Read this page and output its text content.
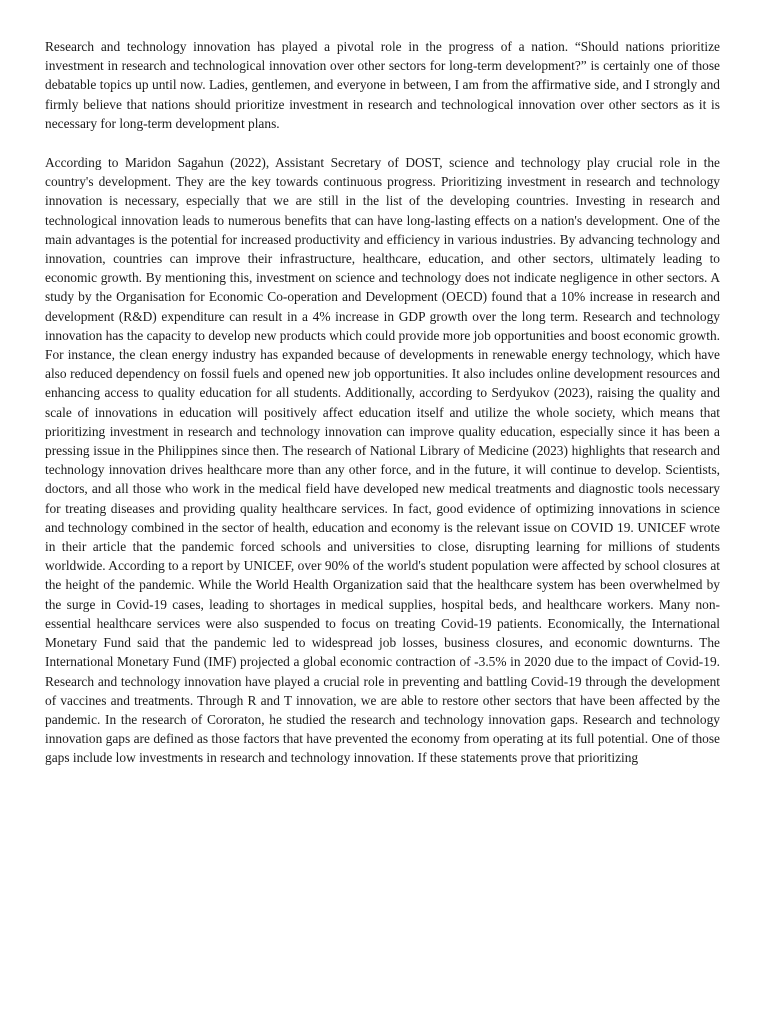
Research and technology innovation has played a pivotal role in the progress of a nation. “Should nations prioritize investment in research and technological innovation over other sectors for long-term development?” is certainly one of those debatable topics up until now. Ladies, gentlemen, and everyone in between, I am from the affirmative side, and I strongly and firmly believe that nations should prioritize investment in research and technological innovation over other sectors as it is necessary for long-term development plans.

According to Maridon Sagahun (2022), Assistant Secretary of DOST, science and technology play crucial role in the country's development. They are the key towards continuous progress. Prioritizing investment in research and technology innovation is necessary, especially that we are still in the list of the developing countries. Investing in research and technological innovation leads to numerous benefits that can have long-lasting effects on a nation's development. One of the main advantages is the potential for increased productivity and efficiency in various industries. By advancing technology and innovation, countries can improve their infrastructure, healthcare, education, and other sectors, ultimately leading to economic growth. By mentioning this, investment on science and technology does not indicate negligence in other sectors. A study by the Organisation for Economic Co-operation and Development (OECD) found that a 10% increase in research and development (R&D) expenditure can result in a 4% increase in GDP growth over the long term. Research and technology innovation has the capacity to develop new products which could provide more job opportunities and boost economic growth. For instance, the clean energy industry has expanded because of developments in renewable energy technology, which have also reduced dependency on fossil fuels and opened new job opportunities. It also includes online development resources and enhancing access to quality education for all students. Additionally, according to Serdyukov (2023), raising the quality and scale of innovations in education will positively affect education itself and utilize the whole society, which means that prioritizing investment in research and technology innovation can improve quality education, especially since it has been a pressing issue in the Philippines since then. The research of National Library of Medicine (2023) highlights that research and technology innovation drives healthcare more than any other force, and in the future, it will continue to develop. Scientists, doctors, and all those who work in the medical field have developed new medical treatments and diagnostic tools necessary for treating diseases and providing quality healthcare services. In fact, good evidence of optimizing innovations in science and technology combined in the sector of health, education and economy is the relevant issue on COVID 19. UNICEF wrote in their article that the pandemic forced schools and universities to close, disrupting learning for millions of students worldwide. According to a report by UNICEF, over 90% of the world's student population were affected by school closures at the height of the pandemic. While the World Health Organization said that the healthcare system has been overwhelmed by the surge in Covid-19 cases, leading to shortages in medical supplies, hospital beds, and healthcare workers. Many non-essential healthcare services were also suspended to focus on treating Covid-19 patients. Economically, the International Monetary Fund said that the pandemic led to widespread job losses, business closures, and economic downturns. The International Monetary Fund (IMF) projected a global economic contraction of -3.5% in 2020 due to the impact of Covid-19. Research and technology innovation have played a crucial role in preventing and battling Covid-19 through the development of vaccines and treatments. Through R and T innovation, we are able to restore other sectors that have been affected by the pandemic. In the research of Cororaton, he studied the research and technology innovation gaps. Research and technology innovation gaps are defined as those factors that have prevented the economy from operating at its full potential. One of those gaps include low investments in research and technology innovation. If these statements prove that prioritizing
